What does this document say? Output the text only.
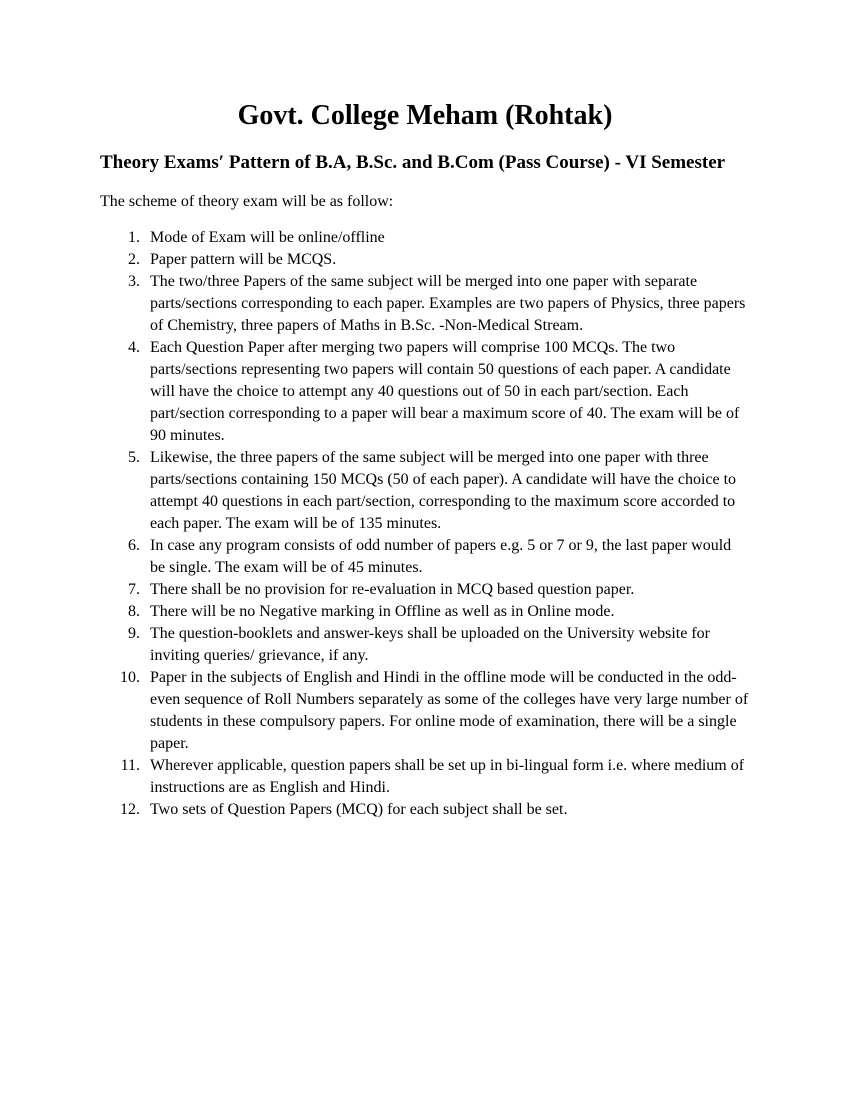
Govt. College Meham (Rohtak)
Theory Exams′ Pattern of B.A, B.Sc. and B.Com (Pass Course) - VI Semester

The scheme of theory exam will be as follow:

1. Mode of Exam will be online/offline
2. Paper pattern will be MCQS.
3. The two/three Papers of the same subject will be merged into one paper with separate parts/sections corresponding to each paper. Examples are two papers of Physics, three papers of Chemistry, three papers of Maths in B.Sc. -Non-Medical Stream.
4. Each Question Paper after merging two papers will comprise 100 MCQs. The two parts/sections representing two papers will contain 50 questions of each paper. A candidate will have the choice to attempt any 40 questions out of 50 in each part/section. Each part/section corresponding to a paper will bear a maximum score of 40. The exam will be of 90 minutes.
5. Likewise, the three papers of the same subject will be merged into one paper with three parts/sections containing 150 MCQs (50 of each paper). A candidate will have the choice to attempt 40 questions in each part/section, corresponding to the maximum score accorded to each paper. The exam will be of 135 minutes.
6. In case any program consists of odd number of papers e.g. 5 or 7 or 9, the last paper would be single. The exam will be of 45 minutes.
7. There shall be no provision for re-evaluation in MCQ based question paper.
8. There will be no Negative marking in Offline as well as in Online mode.
9. The question-booklets and answer-keys shall be uploaded on the University website for inviting queries/ grievance, if any.
10. Paper in the subjects of English and Hindi in the offline mode will be conducted in the odd-even sequence of Roll Numbers separately as some of the colleges have very large number of students in these compulsory papers. For online mode of examination, there will be a single paper.
11. Wherever applicable, question papers shall be set up in bi-lingual form i.e. where medium of instructions are as English and Hindi.
12. Two sets of Question Papers (MCQ) for each subject shall be set.
